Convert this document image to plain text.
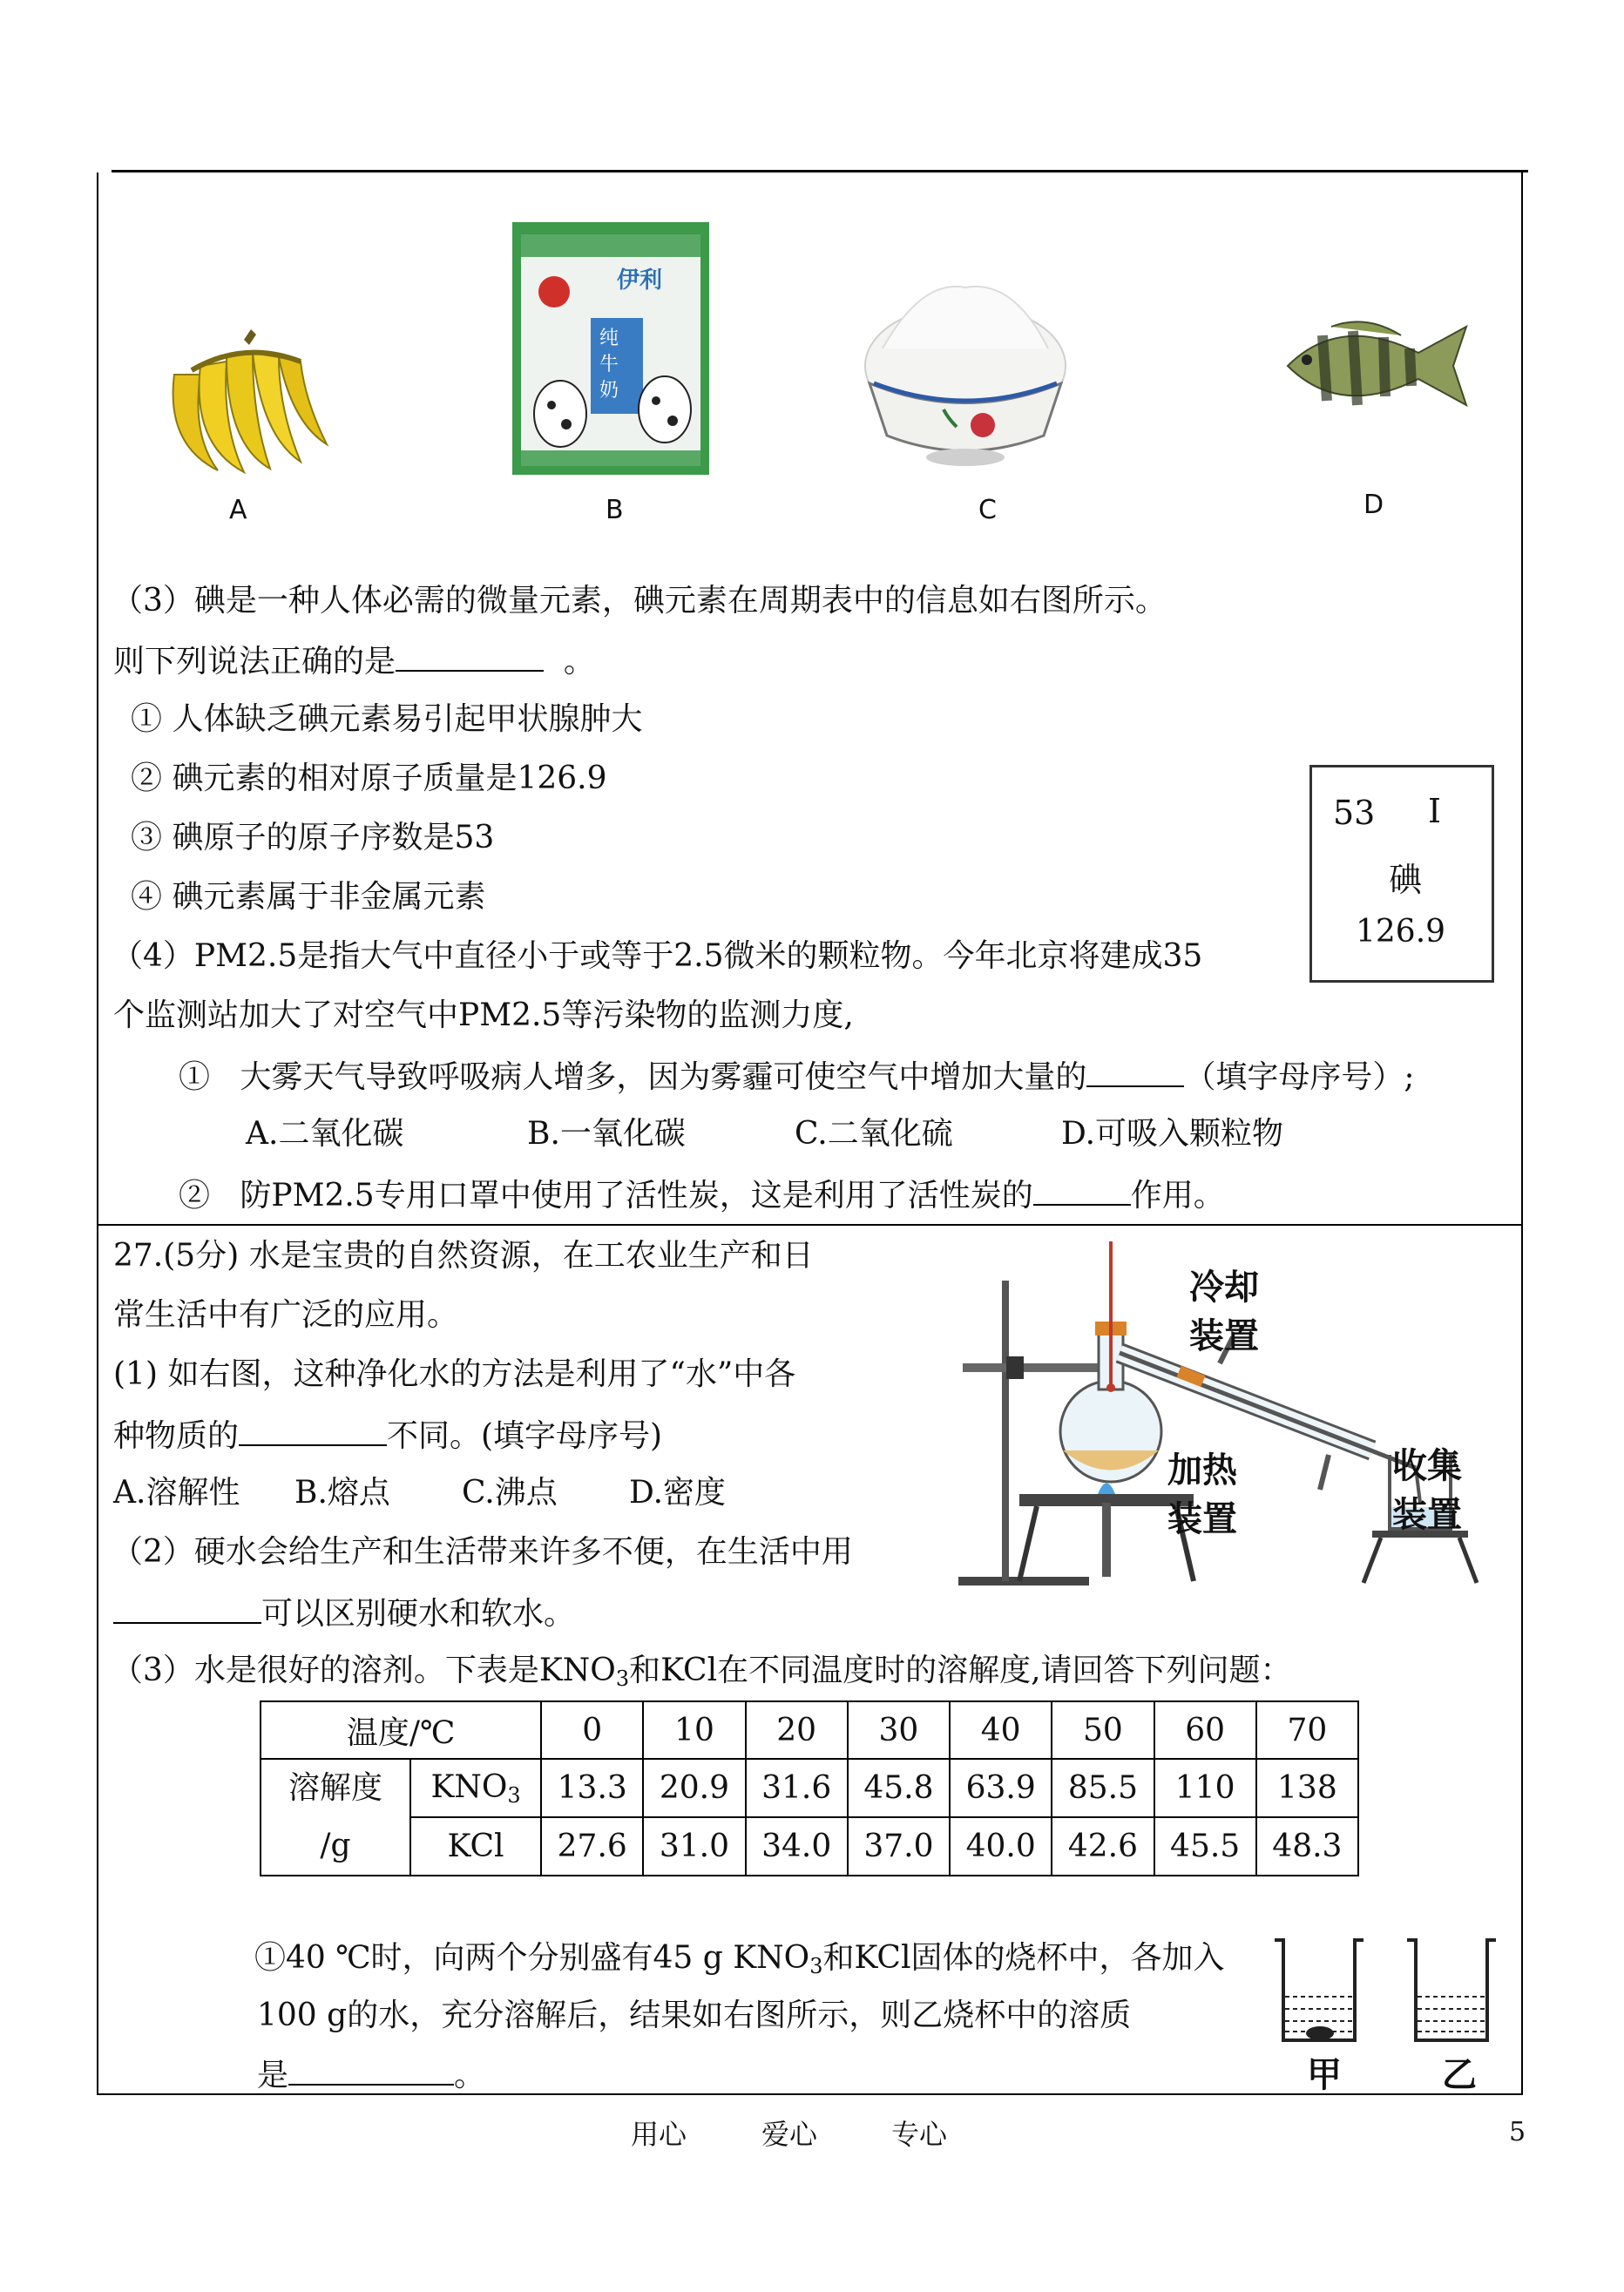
A
伊利
纯
牛
奶
B	C	D
（3）碘是一种人体必需的微量元素，碘元素在周期表中的信息如右图所示。
则下列说法正确的是	。
① 人体缺乏碘元素易引起甲状腺肿大
② 碘元素的相对原子质量是126.9
③ 碘原子的原子序数是53
④ 碘元素属于非金属元素
53 I
碘
126.9
（4）PM2.5是指大气中直径小于或等于2.5微米的颗粒物。今年北京将建成35
个监测站加大了对空气中PM2.5等污染物的监测力度,
① 大雾天气导致呼吸病人增多，因为雾霾可使空气中增加大量的	（填字母序号）;
A.二氧化碳	B.一氧化碳	C.二氧化硫	D.可吸入颗粒物
② 防PM2.5专用口罩中使用了活性炭，这是利用了活性炭的	作用。
27.(5分) 水是宝贵的自然资源，在工农业生产和日
常生活中有广泛的应用。
(1) 如右图，这种净化水的方法是利用了“水”中各
种物质的	不同。(填字母序号)
A.溶解性 B.熔点 C.沸点 D.密度
（2）硬水会给生产和生活带来许多不便，在生活中用
可以区别硬水和软水。
（3）水是很好的溶剂。下表是$KNO_3$和KCl在不同温度时的溶解度,请回答下列问题：
冷却
装置
加热
装置
收集
装置
温度/℃		0	10	20	30	40	50	60	70

溶解度
/g	$KNO_3$	13.3	20.9	31.6	45.8	63.9	85.5	110	138
	KCl	27.6	31.0	34.0	37.0	40.0	42.6	45.5	48.3
①40 ℃时，向两个分别盛有45 g $KNO_3$和KCl固体的烧杯中，各加入
100 g的水，充分溶解后，结果如右图所示，则乙烧杯中的溶质
是	。	甲	乙
用心	爱心	专心	5
